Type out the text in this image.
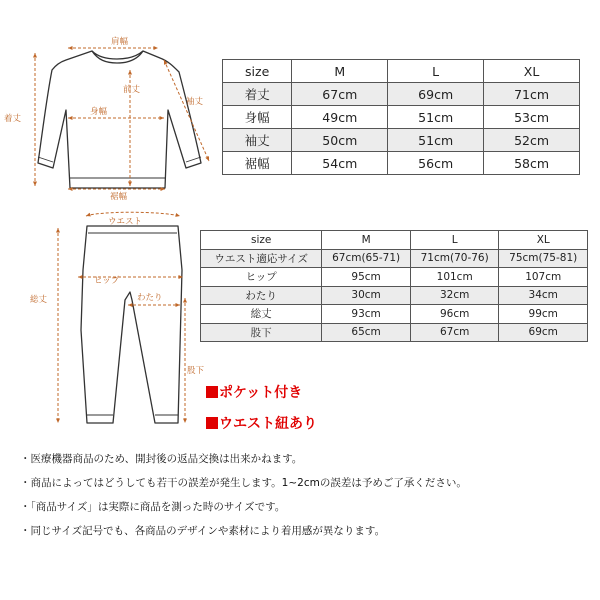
肩幅
前丈
身幅
袖丈
着丈
裾幅
ウエスト
ヒップ
わたり
総丈
股下
size	M	L	XL
着丈	67cm	69cm	71cm
身幅	49cm	51cm	53cm
袖丈	50cm	51cm	52cm
裾幅	54cm	56cm	58cm
size	M	L	XL
ウエスト適応サイズ	67cm(65-71)	71cm(70-76)	75cm(75-81)
ヒップ	95cm	101cm	107cm
わたり	30cm	32cm	34cm
総丈	93cm	96cm	99cm
股下	65cm	67cm	69cm
ポケット付き
ウエスト紐あり
・医療機器商品のため、開封後の返品交換は出来かねます。
・商品によってはどうしても若干の誤差が発生します。1~2cmの誤差は予めご了承ください。
・「商品サイズ」は実際に商品を測った時のサイズです。
・同じサイズ記号でも、各商品のデザインや素材により着用感が異なります。
